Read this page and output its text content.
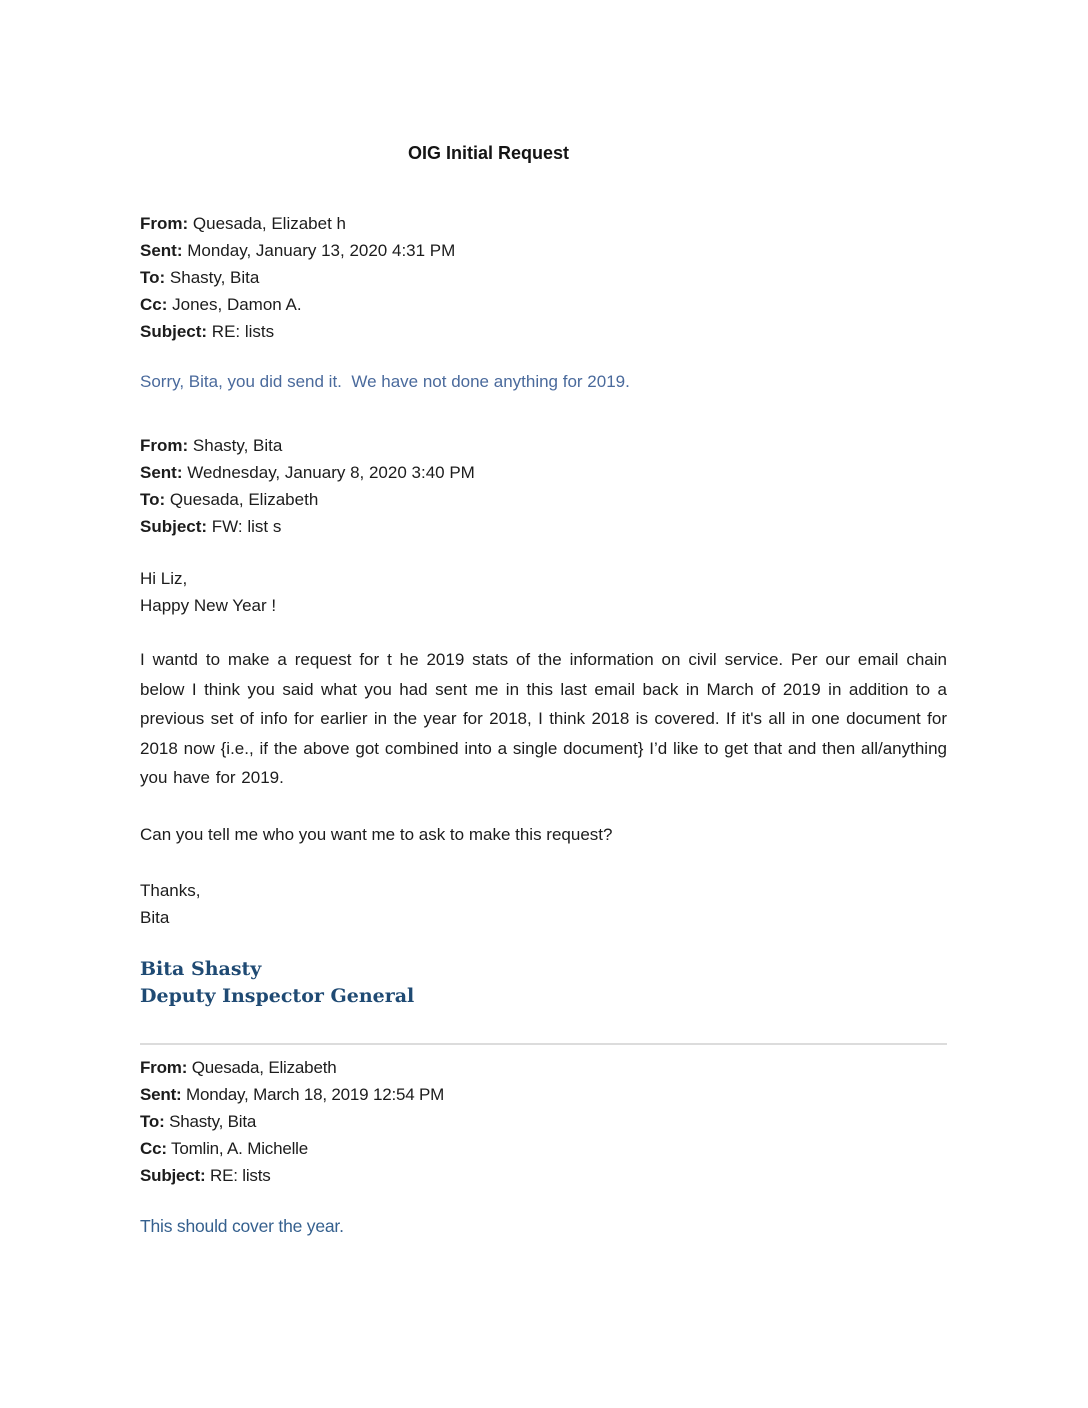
OIG Initial Request
From: Quesada, Elizabet h
Sent: Monday, January 13, 2020 4:31 PM
To: Shasty, Bita
Cc: Jones, Damon A.
Subject: RE: lists
Sorry, Bita, you did send it.  We have not done anything for 2019.
From: Shasty, Bita
Sent: Wednesday, January 8, 2020 3:40 PM
To: Quesada, Elizabeth
Subject: FW: list s
Hi Liz,
Happy New Year !
I wantd to make a request for t he 2019 stats of the information on civil service. Per our email chain below I think you said what you had sent me in this last email back in March of 2019 in addition to a previous set of info for earlier in the year for 2018, I think 2018 is covered. If it's all in one document for 2018 now {i.e., if the above got combined into a single document} I’d like to get that and then all/anything you have for 2019.
Can you tell me who you want me to ask to make this request?
Thanks,
Bita
Bita Shasty
Deputy Inspector General
From: Quesada, Elizabeth
Sent: Monday, March 18, 2019 12:54 PM
To: Shasty, Bita
Cc: Tomlin, A. Michelle
Subject: RE: lists
This should cover the year.
